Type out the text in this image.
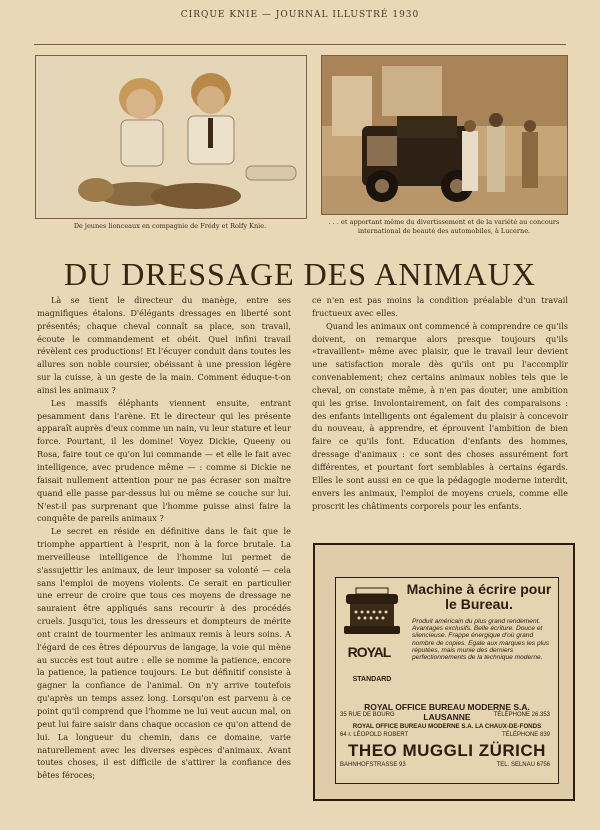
CIRQUE KNIE — JOURNAL ILLUSTRÉ 1930
De jeunes lionceaux en compagnie de Frédy et Rolfy Knie.	. . . et apportant même du divertissement et de la variété au concours international de beauté des automobiles, à Lucerne.
DU DRESSAGE DES ANIMAUX

Là se tient le directeur du manège, entre ses magnifiques étalons. D'élégants dressages en liberté sont présentés; chaque cheval connaît sa place, son travail, écoute le commandement et obéit. Quel infini travail révèlent ces productions! Et l'écuyer conduit dans toutes les allures son noble coursier, obéissant à une pression légère sur la cuisse, à un geste de la main. Comment éduque-t-on ainsi les animaux ?

Les massifs éléphants viennent ensuite, entrant pesamment dans l'arène. Et le directeur qui les présente apparaît auprès d'eux comme un nain, vu leur stature et leur force. Pourtant, il les domine! Voyez Dickie, Queeny ou Rosa, faire tout ce qu'on lui commande — et elle le fait avec intelligence, avec prudence même — : comme si Dickie ne faisait nullement attention pour ne pas écraser son maître quand elle passe par-dessus lui ou même se couche sur lui. N'est-il pas surprenant que l'homme puisse ainsi faire la conquête de pareils animaux ?

Le secret en réside en définitive dans le fait que le triomphe appartient à l'esprit, non à la force brutale. La merveilleuse intelligence de l'homme lui permet de s'assujettir les animaux, de leur imposer sa volonté — cela sans l'emploi de moyens violents. Ce serait en particulier une erreur de croire que tous ces moyens de dressage ne sauraient être appliqués sans recourir à des procédés cruels. Jusqu'ici, tous les dresseurs et dompteurs de mérite ont craint de tourmenter les animaux remis à leurs soins. A l'égard de ces êtres dépourvus de langage, la voie qui mène au succès est tout autre : elle se nomme la patience, encore la patience, la patience toujours. Le but définitif consiste à gagner la confiance de l'animal. On n'y arrive toutefois qu'après un temps assez long. Lorsqu'on est parvenu à ce point qu'il comprend que l'homme ne lui veut aucun mal, on peut lui faire saisir dans chaque occasion ce qu'on attend de lui. La longueur du chemin, dans ce domaine, varie naturellement avec les diverses espèces d'animaux. Avant toutes choses, il est difficile de s'attirer la confiance des bêtes féroces;

ce n'en est pas moins la condition préalable d'un travail fructueux avec elles.

Quand les animaux ont commencé à comprendre ce qu'ils doivent, on remarque alors presque toujours qu'ils «travaillent» même avec plaisir, que le travail leur devient une satisfaction morale dès qu'ils ont pu l'accomplir convenablement; chez certains animaux nobles tels que le cheval, on constate même, à n'en pas douter, une ambition qui les grise. Involontairement, on fait des comparaisons : des enfants intelligents ont également du plaisir à concevoir du nouveau, à apprendre, et éprouvent l'ambition de bien faire ce qu'ils font. Education d'enfants des hommes, dressage d'animaux : ce sont des choses assurément fort différentes, et pourtant fort semblables à certains égards. Elles le sont aussi en ce que la pédagogie moderne interdit, envers les animaux, l'emploi de moyens cruels, comme elle proscrit les châtiments corporels pour les enfants.

Machine à écrire pour le Bureau.
Produit américain du plus grand rendement. Avantages exclusifs. Belle écriture. Douce et silencieuse. Frappe énergique d'où grand nombre de copies. Egale aux marques les plus réputées, mais munie des derniers perfectionnements de la technique moderne.
ROYAL
STANDARD
ROYAL OFFICE BUREAU MODERNE S.A. LAUSANNE
35 RUE DE BOURG	TÉLÉPHONE 26.353
ROYAL OFFICE BUREAU MODERNE S.A. LA CHAUX-DE-FONDS
64 r. LÉOPOLD ROBERT	TÉLÉPHONE 839
THEO MUGGLI ZÜRICH
BAHNHOFSTRASSE 93	TEL. SELNAU 6756
